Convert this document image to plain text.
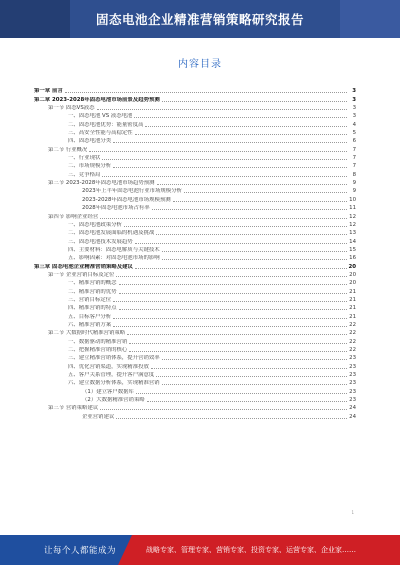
固态电池企业精准营销策略研究报告
内容目录
第一章 前言	3
第二章 2023-2028年固态电池市场前景及趋势预测	3
第一节 固态VS液态	3
一、固态电池 VS 液态电池	3
二、固态电池优势：能量密度高	4
三、高安全性能与高稳定性	5
四、固态电池分类	6
第二节 行业概况	7
一、行业现状	7
二、市场规模分析	7
三、竞争格局	8
第三节 2023-2028年固态电池市场趋势预测	9
2023年上半年固态电池行业市场规模分析	9
2023-2028年固态电池市场规模预测	10
2028年固态电池市场占有率	11
第四节 影响企业经营	12
一、固态电池政策分析	12
二、固态电池发展面临的机遇及挑战	13
三、固态电池技术发展趋势	14
四、主要材料：固态电解质与关键技术	15
五、影响因素：对固态电池市场的影响	16
第三章 固态电池企业精准营销策略及建议	20
第一节 企业营销目标及定位	20
一、精准营销的概念	20
二、精准营销的优势	21
三、营销目标定位	21
四、精准营销的特点	21
五、目标客户分析	21
六、精准营销方案	22
第二节 大数据时代精准营销策略	22
一、数据驱动的精准营销	22
二、把握精准营销的核心	22
三、建立精准营销体系，提升营销效率	23
四、优化营销渠道，实现精准投放	23
五、客户关系管理，提升客户满意度	23
六、建立数据分析体系，实现精准营销	23
（1）建立客户数据库	23
（2）大数据精准营销策略	23
第三节 营销策略建议	24
企业营销建议	24
1
让每个人都能成为	战略专家、管理专家、营销专家、投资专家、运营专家、企业家……
